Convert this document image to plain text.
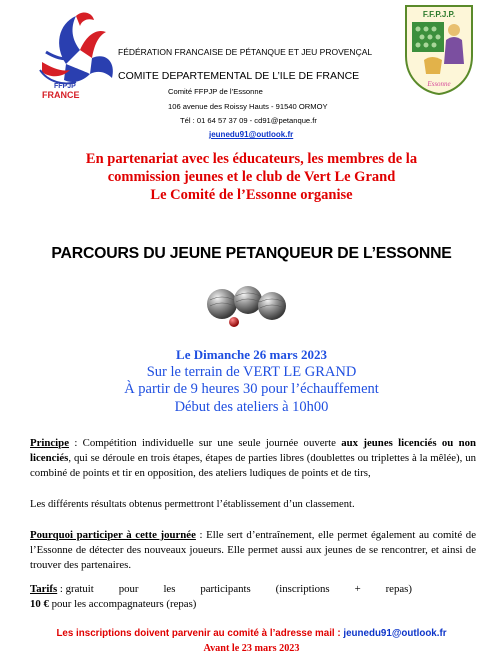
FFPJP
FRANCE
F.F.P.J.P.
Essonne
FÉDÉRATION FRANCAISE DE PÉTANQUE ET JEU PROVENÇAL
COMITE DEPARTEMENTAL DE L’ILE DE FRANCE
Comité FFPJP de l’Essonne
106 avenue des Roissy Hauts - 91540 ORMOY
Tél : 01 64 57 37 09 - cd91@petanque.fr
jeunedu91@outlook.fr
En partenariat avec les éducateurs, les membres de la
commission jeunes et le club de Vert Le Grand
Le Comité de l’Essonne organise
PARCOURS DU JEUNE PETANQUEUR DE L’ESSONNE
Le Dimanche 26 mars 2023
Sur le terrain de VERT LE GRAND
À partir de 9 heures 30 pour l’échauffement
Début des ateliers à 10h00
Principe : Compétition individuelle sur une seule journée ouverte aux jeunes licenciés ou non licenciés, qui se déroule en trois étapes, étapes de parties libres (doublettes ou triplettes à la mêlée), un combiné de points et tir en opposition, des ateliers ludiques de points et de tirs,
Les différents résultats obtenus permettront l’établissement d’un classement.
Pourquoi participer à cette journée : Elle sert d’entraînement, elle permet également au comité de l’Essonne de détecter des nouveaux joueurs. Elle permet aussi aux jeunes de se rencontrer, et ainsi de trouver des partenaires.
Tarifs : gratuit pour les participants (inscriptions + repas)
10 € pour les accompagnateurs (repas)
Les inscriptions doivent parvenir au comité à l’adresse mail : jeunedu91@outlook.fr
Avant le 23 mars 2023
